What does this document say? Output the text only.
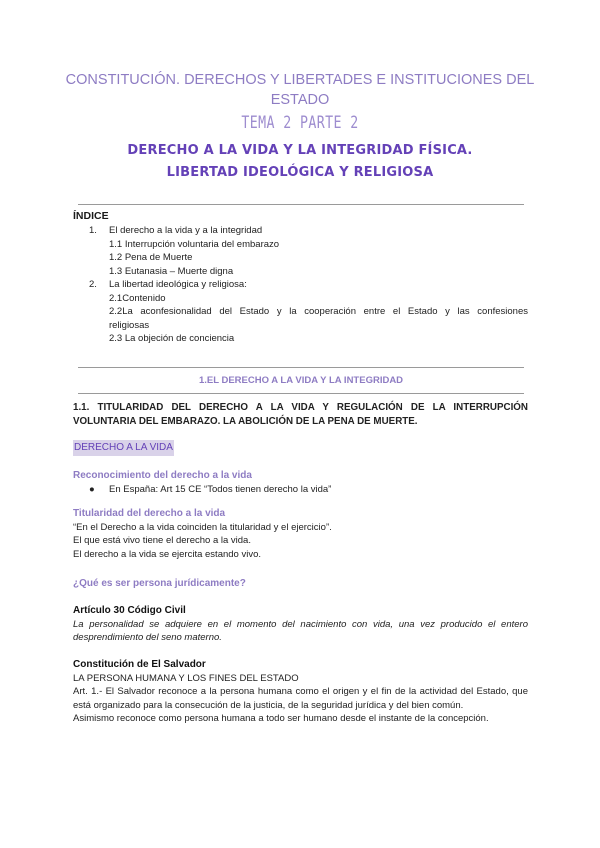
CONSTITUCIÓN. DERECHOS Y LIBERTADES E INSTITUCIONES DEL ESTADO
TEMA 2 PARTE 2
DERECHO A LA VIDA Y LA INTEGRIDAD FÍSICA. LIBERTAD IDEOLÓGICA Y RELIGIOSA
ÍNDICE
1. El derecho a la vida y a la integridad
1.1 Interrupción voluntaria del embarazo
1.2 Pena de Muerte
1.3 Eutanasia – Muerte digna
2. La libertad ideológica y religiosa:
2.1Contenido
2.2La aconfesionalidad del Estado y la cooperación entre el Estado y las confesiones
religiosas
2.3 La objeción de conciencia
1.EL DERECHO A LA VIDA Y LA INTEGRIDAD
1.1. TITULARIDAD DEL DERECHO A LA VIDA Y REGULACIÓN DE LA INTERRUPCIÓN VOLUNTARIA DEL EMBARAZO. LA ABOLICIÓN DE LA PENA DE MUERTE.
DERECHO A LA VIDA
Reconocimiento del derecho a la vida
● En España: Art 15 CE “Todos tienen derecho la vida”
Titularidad del derecho a la vida
“En el Derecho a la vida coinciden la titularidad y el ejercicio”.
El que está vivo tiene el derecho a la vida.
El derecho a la vida se ejercita estando vivo.
¿Qué es ser persona jurídicamente?
Artículo 30 Código Civil
La personalidad se adquiere en el momento del nacimiento con vida, una vez producido el entero desprendimiento del seno materno.
Constitución de El Salvador
LA PERSONA HUMANA Y LOS FINES DEL ESTADO
Art. 1.- El Salvador reconoce a la persona humana como el origen y el fin de la actividad del Estado, que está organizado para la consecución de la justicia, de la seguridad jurídica y del bien común.
Asimismo reconoce como persona humana a todo ser humano desde el instante de la concepción.
